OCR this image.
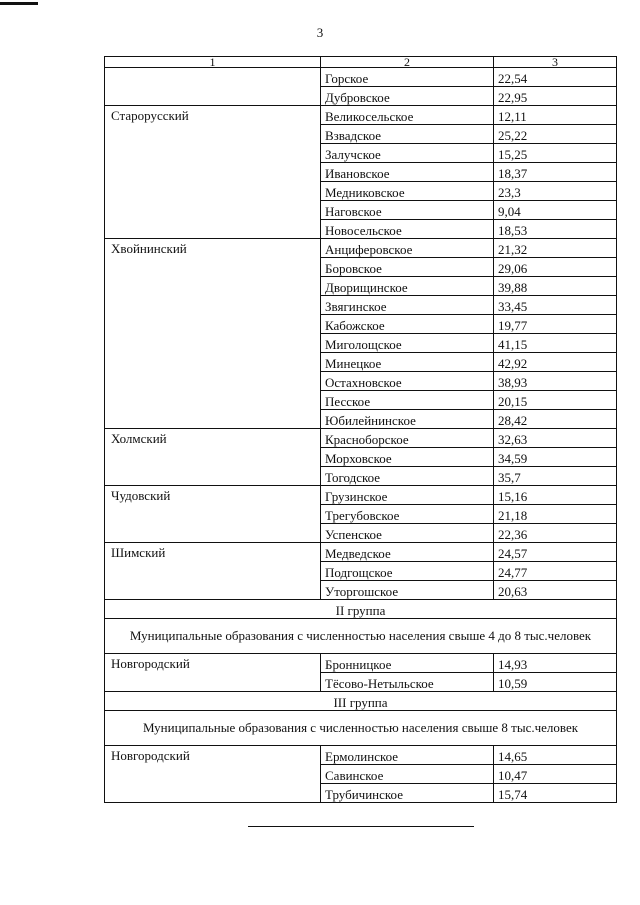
3
1	2	3
	Горское	22,54
	Дубровское	22,95
Старорусский	Великосельское	12,11
	Взвадское	25,22
	Залучское	15,25
	Ивановское	18,37
	Медниковское	23,3
	Наговское	9,04
	Новосельское	18,53
Хвойнинский	Анциферовское	21,32
	Боровское	29,06
	Дворищинское	39,88
	Звягинское	33,45
	Кабожское	19,77
	Миголощское	41,15
	Минецкое	42,92
	Остахновское	38,93
	Песское	20,15
	Юбилейнинское	28,42
Холмский	Красноборское	32,63
	Морховское	34,59
	Тогодское	35,7
Чудовский	Грузинское	15,16
	Трегубовское	21,18
	Успенское	22,36
Шимский	Медведское	24,57
	Подгощское	24,77
	Уторгошское	20,63
II группа		
Муниципальные образования с численностью населения свыше 4 до 8 тыс.человек		
Новгородский	Бронницкое	14,93
	Тёсово-Нетыльское	10,59
III группа		
Муниципальные образования с численностью населения свыше 8 тыс.человек		
Новгородский	Ермолинское	14,65
	Савинское	10,47
	Трубичинское	15,74
